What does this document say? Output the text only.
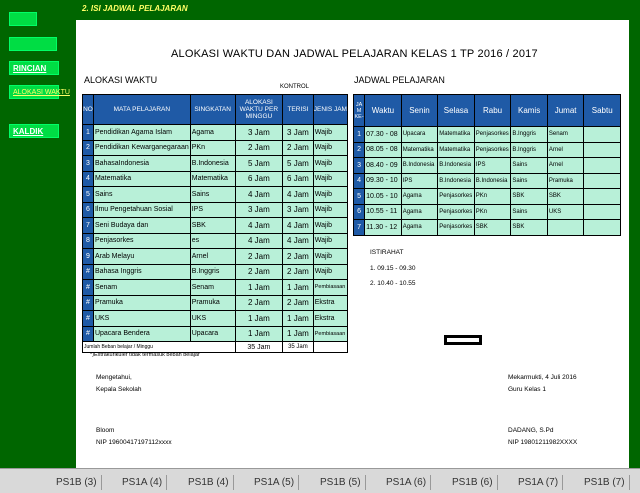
RINCIAN
ALOKASI WAKTU
KALDIK
2. ISI JADWAL PELAJARAN
ALOKASI WAKTU DAN JADWAL PELAJARAN KELAS 1 TP 2016 / 2017
ALOKASI WAKTU	JADWAL PELAJARAN
KONTROL
NO	MATA PELAJARAN	SINGKATAN	ALOKASI WAKTU PER MINGGU	TERISI	JENIS JAM
1	Pendidikan Agama Islam	Agama	3 Jam	3 Jam	Wajib
2	Pendidikan Kewarganegaraan	PKn	2 Jam	2 Jam	Wajib
3	BahasaIndonesia	B.Indonesia	5 Jam	5 Jam	Wajib
4	Matematika	Matematika	6 Jam	6 Jam	Wajib
5	Sains	Sains	4 Jam	4 Jam	Wajib
6	Ilmu Pengetahuan Sosial	IPS	3 Jam	3 Jam	Wajib
7	Seni Budaya dan	SBK	4 Jam	4 Jam	Wajib
8	Penjasorkes	es	4 Jam	4 Jam	Wajib
9	Arab Melayu	Arnel	2 Jam	2 Jam	Wajib
#	Bahasa Inggris	B.Inggris	2 Jam	2 Jam	Wajib
#	Senam	Senam	1 Jam	1 Jam	Pembiasaan
#	Pramuka	Pramuka	2 Jam	2 Jam	Ekstra
#	UKS	UKS	1 Jam	1 Jam	Ekstra
#	Upacara Bendera	Upacara	1 Jam	1 Jam	Pembiasaan
Jumlah Beban belajar / Minggu			35 Jam	35 Jam	
*)Extrakurikuler tidak termasuk beban belajar
JA M KE-	Waktu	Senin	Selasa	Rabu	Kamis	Jumat	Sabtu
1	07.30 - 08	Upacara	Matematika	Penjasorkes	B.Inggris	Senam	
2	08.05 - 08	Matematika	Matematika	Penjasorkes	B.Inggris	Arnel	
3	08.40 - 09	B.Indonesia	B.Indonesia	IPS	Sains	Arnel	
4	09.30 - 10	IPS	B.Indonesia	B.Indonesia	Sains	Pramuka	
5	10.05 - 10	Agama	Penjasorkes	PKn	SBK	SBK	
6	10.55 - 11	Agama	Penjasorkes	PKn	Sains	UKS	
7	11.30 - 12	Agama	Penjasorkes	SBK	SBK		
ISTIRAHAT
1. 09.15 - 09.30
2. 10.40 - 10.55
Mengetahui,
Kepala Sekolah
Bloom
NIP 19600417197112xxxx
Mekarmukti, 4 Juli 2016
Guru Kelas 1
DADANG, S.Pd
NIP 19801211982XXXX
PS1B (3)	PS1A (4)	PS1B (4)	PS1A (5)	PS1B (5)	PS1A (6)	PS1B (6)	PS1A (7)	PS1B (7)
